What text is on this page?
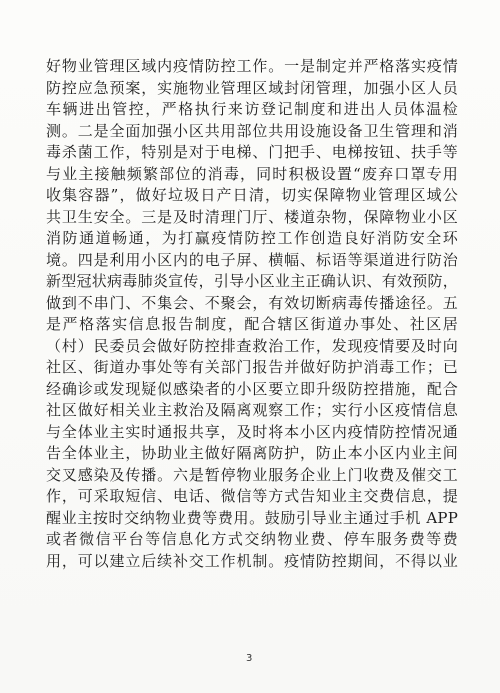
好物业管理区域内疫情防控工作。一是制定并严格落实疫情
防控应急预案，实施物业管理区域封闭管理，加强小区人员
车辆进出管控，严格执行来访登记制度和进出人员体温检
测。二是全面加强小区共用部位共用设施设备卫生管理和消
毒杀菌工作，特别是对于电梯、门把手、电梯按钮、扶手等
与业主接触频繁部位的消毒，同时积极设置“废弃口罩专用
收集容器”，做好垃圾日产日清，切实保障物业管理区域公
共卫生安全。三是及时清理门厅、楼道杂物，保障物业小区
消防通道畅通，为打赢疫情防控工作创造良好消防安全环
境。四是利用小区内的电子屏、横幅、标语等渠道进行防治
新型冠状病毒肺炎宣传，引导小区业主正确认识、有效预防，
做到不串门、不集会、不聚会，有效切断病毒传播途径。五
是严格落实信息报告制度，配合辖区街道办事处、社区居
（村）民委员会做好防控排查救治工作，发现疫情要及时向
社区、街道办事处等有关部门报告并做好防护消毒工作；已
经确诊或发现疑似感染者的小区要立即升级防控措施，配合
社区做好相关业主救治及隔离观察工作；实行小区疫情信息
与全体业主实时通报共享，及时将本小区内疫情防控情况通
告全体业主，协助业主做好隔离防护，防止本小区内业主间
交叉感染及传播。六是暂停物业服务企业上门收费及催交工
作，可采取短信、电话、微信等方式告知业主交费信息，提
醒业主按时交纳物业费等费用。鼓励引导业主通过手机 APP
或者微信平台等信息化方式交纳物业费、停车服务费等费
用，可以建立后续补交工作机制。疫情防控期间，不得以业
3
